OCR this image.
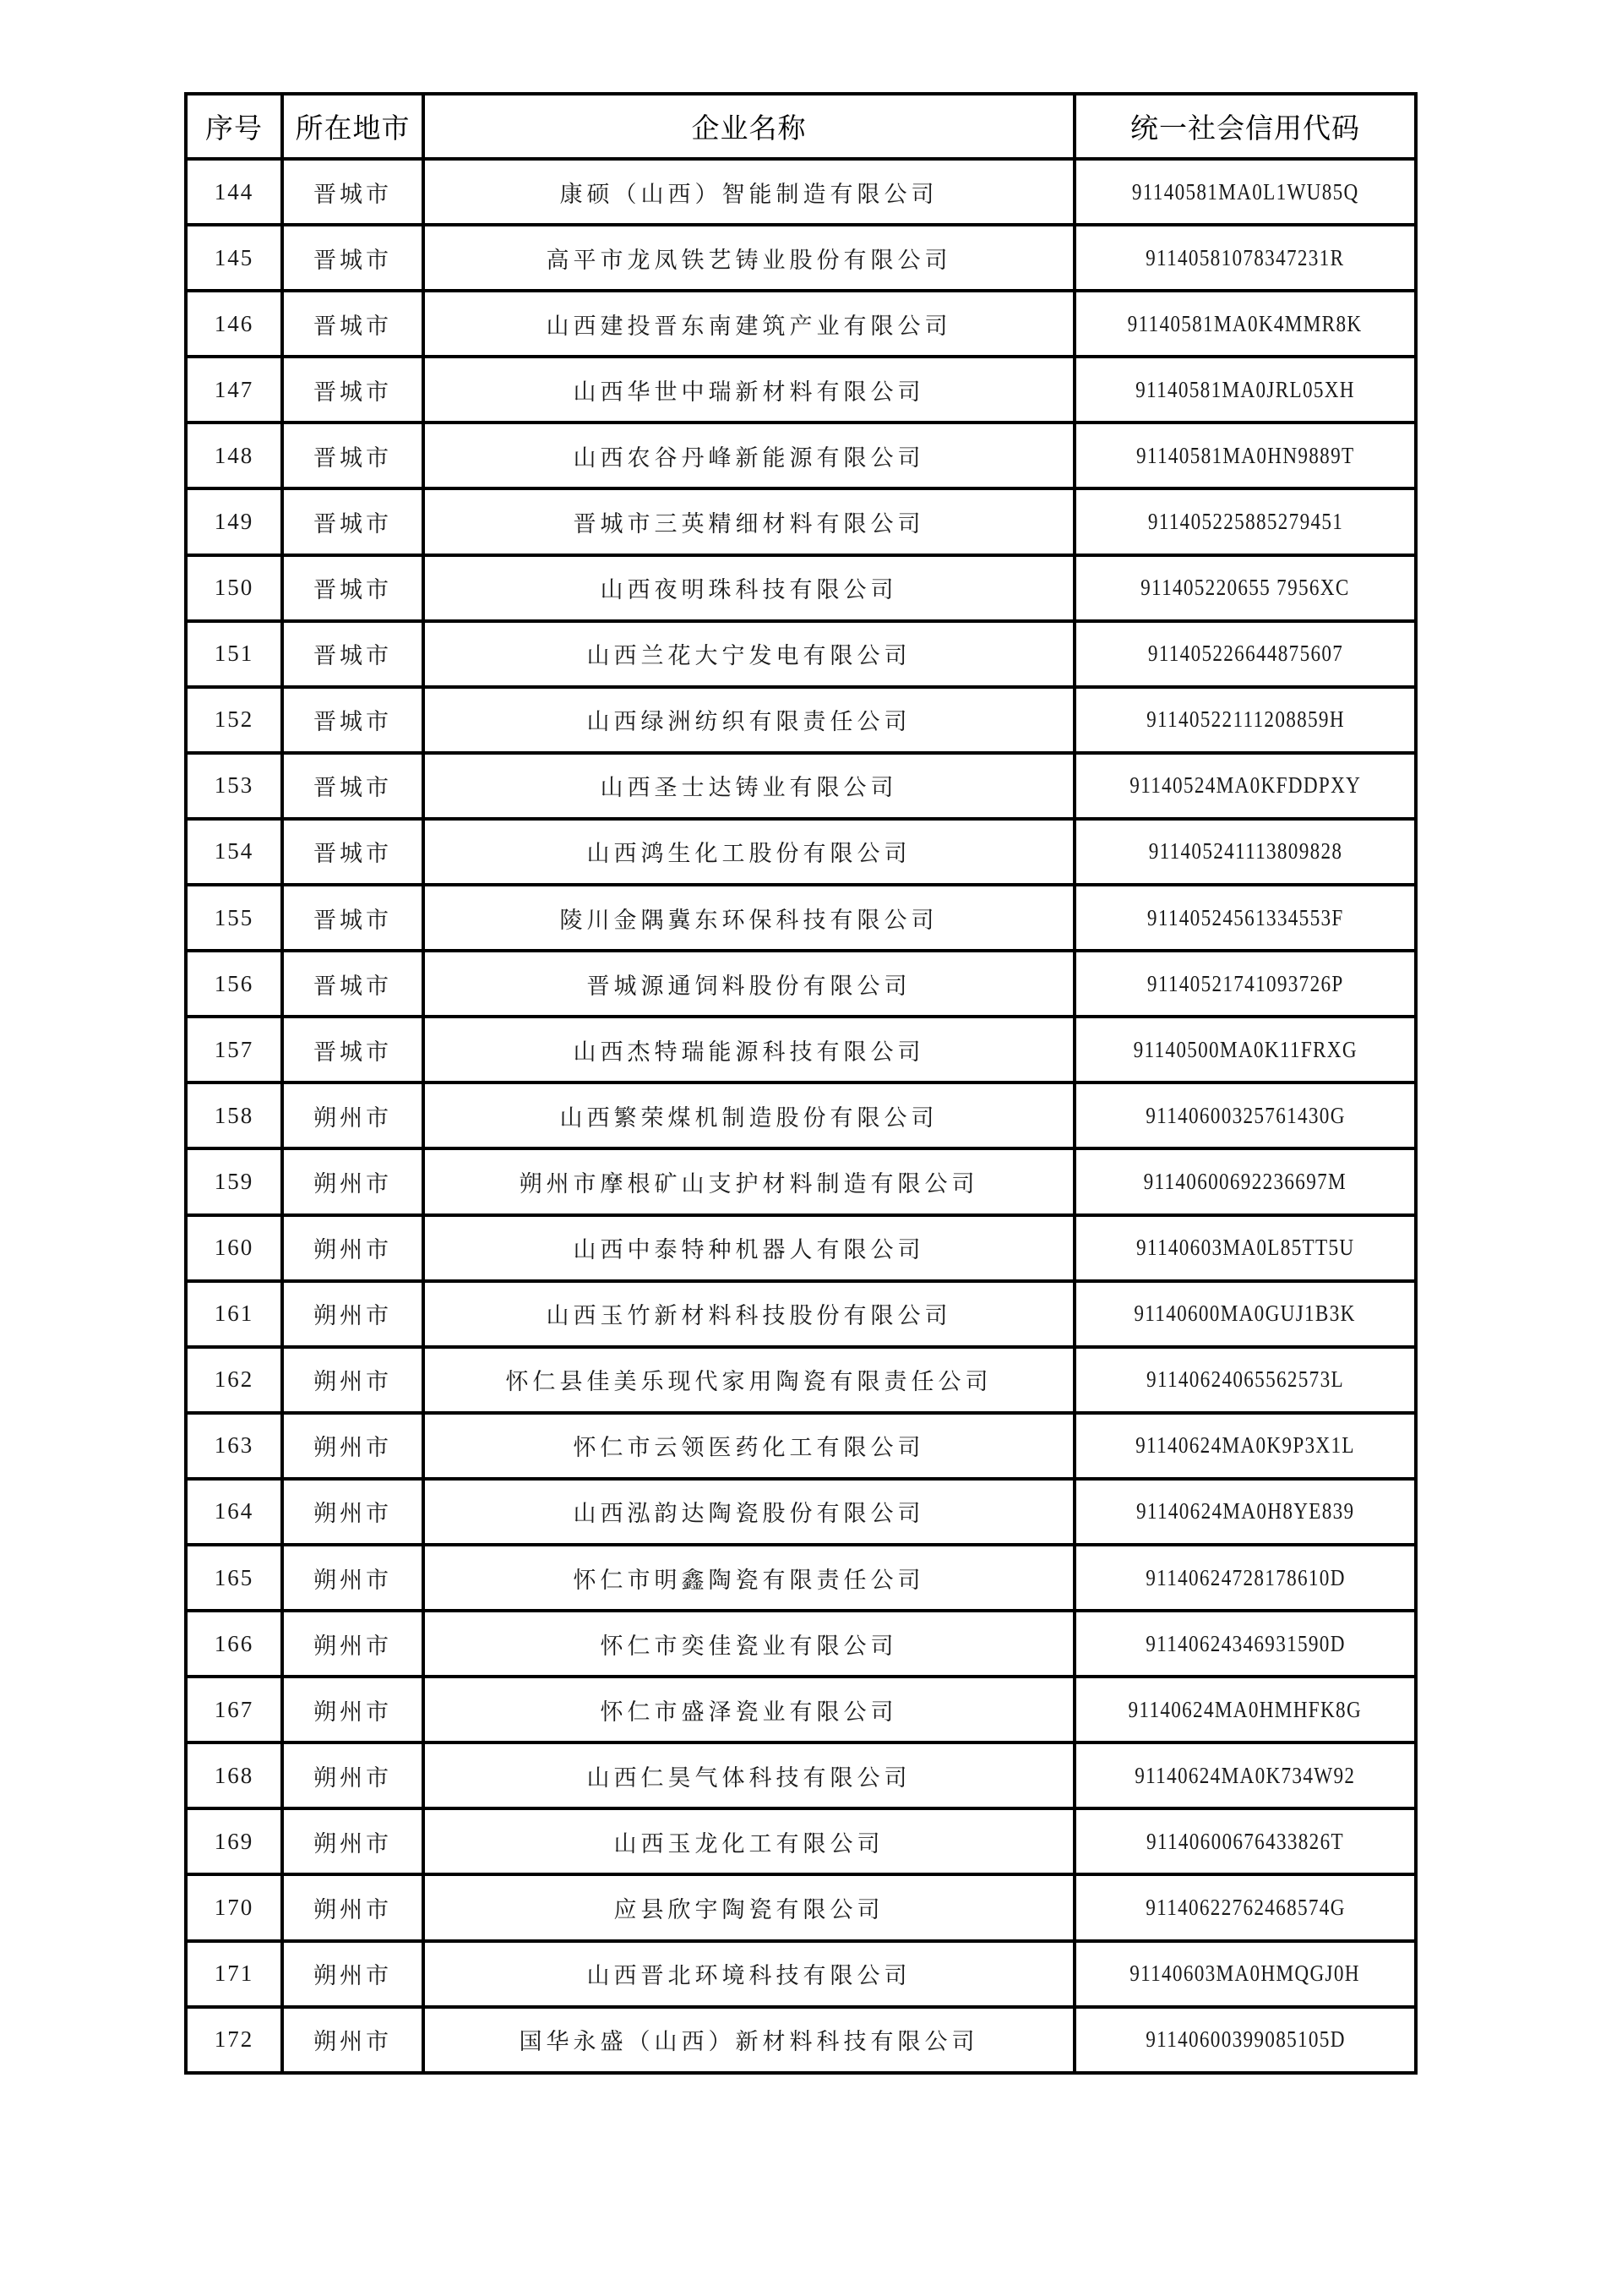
序号	所在地市	企业名称	统一社会信用代码
144	晋城市	康硕（山西）智能制造有限公司	91140581MA0L1WU85Q
145	晋城市	高平市龙凤铁艺铸业股份有限公司	91140581078347231R
146	晋城市	山西建投晋东南建筑产业有限公司	91140581MA0K4MMR8K
147	晋城市	山西华世中瑞新材料有限公司	91140581MA0JRL05XH
148	晋城市	山西农谷丹峰新能源有限公司	91140581MA0HN9889T
149	晋城市	晋城市三英精细材料有限公司	911405225885279451
150	晋城市	山西夜明珠科技有限公司	911405220655 7956XC
151	晋城市	山西兰花大宁发电有限公司	911405226644875607
152	晋城市	山西绿洲纺织有限责任公司	91140522111208859H
153	晋城市	山西圣士达铸业有限公司	91140524MA0KFDDPXY
154	晋城市	山西鸿生化工股份有限公司	911405241113809828
155	晋城市	陵川金隅冀东环保科技有限公司	91140524561334553F
156	晋城市	晋城源通饲料股份有限公司	91140521741093726P
157	晋城市	山西杰特瑞能源科技有限公司	91140500MA0K11FRXG
158	朔州市	山西繁荣煤机制造股份有限公司	91140600325761430G
159	朔州市	朔州市摩根矿山支护材料制造有限公司	91140600692236697M
160	朔州市	山西中泰特种机器人有限公司	91140603MA0L85TT5U
161	朔州市	山西玉竹新材料科技股份有限公司	91140600MA0GUJ1B3K
162	朔州市	怀仁县佳美乐现代家用陶瓷有限责任公司	91140624065562573L
163	朔州市	怀仁市云领医药化工有限公司	91140624MA0K9P3X1L
164	朔州市	山西泓韵达陶瓷股份有限公司	91140624MA0H8YE839
165	朔州市	怀仁市明鑫陶瓷有限责任公司	91140624728178610D
166	朔州市	怀仁市奕佳瓷业有限公司	91140624346931590D
167	朔州市	怀仁市盛泽瓷业有限公司	91140624MA0HMHFK8G
168	朔州市	山西仁昊气体科技有限公司	91140624MA0K734W92
169	朔州市	山西玉龙化工有限公司	91140600676433826T
170	朔州市	应县欣宇陶瓷有限公司	91140622762468574G
171	朔州市	山西晋北环境科技有限公司	91140603MA0HMQGJ0H
172	朔州市	国华永盛（山西）新材料科技有限公司	91140600399085105D
